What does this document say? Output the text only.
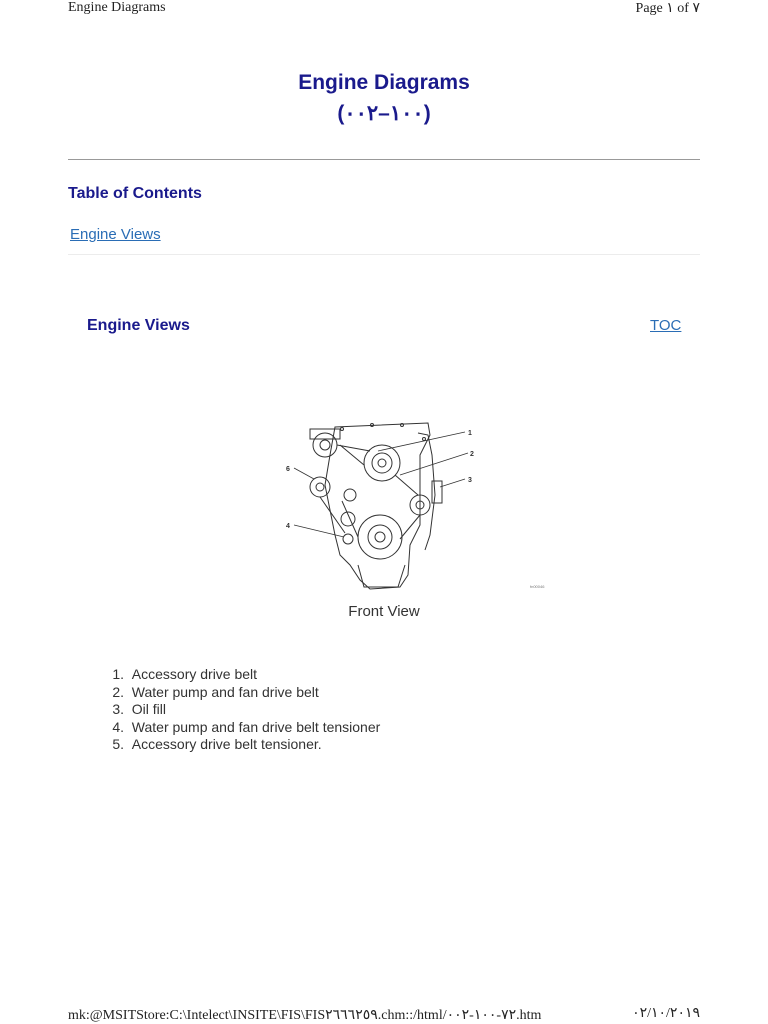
Engine Diagrams	Page ١ of ٧
Engine Diagrams
(١٠٠–٠٠٢)
Table of Contents
Engine Views
Engine Views	TOC
1
2
3
4
6
fn00046
Front View
1. Accessory drive belt
2. Water pump and fan drive belt
3. Oil fill
4. Water pump and fan drive belt tensioner
5. Accessory drive belt tensioner.
mk:@MSITStore:C:\Intelect\INSITE\FIS\FIS٢٦٦٦٢٥٩.chm::/html/٧٢-١٠٠-٠٠٢.htm	٠٢/١٠/٢٠١٩
